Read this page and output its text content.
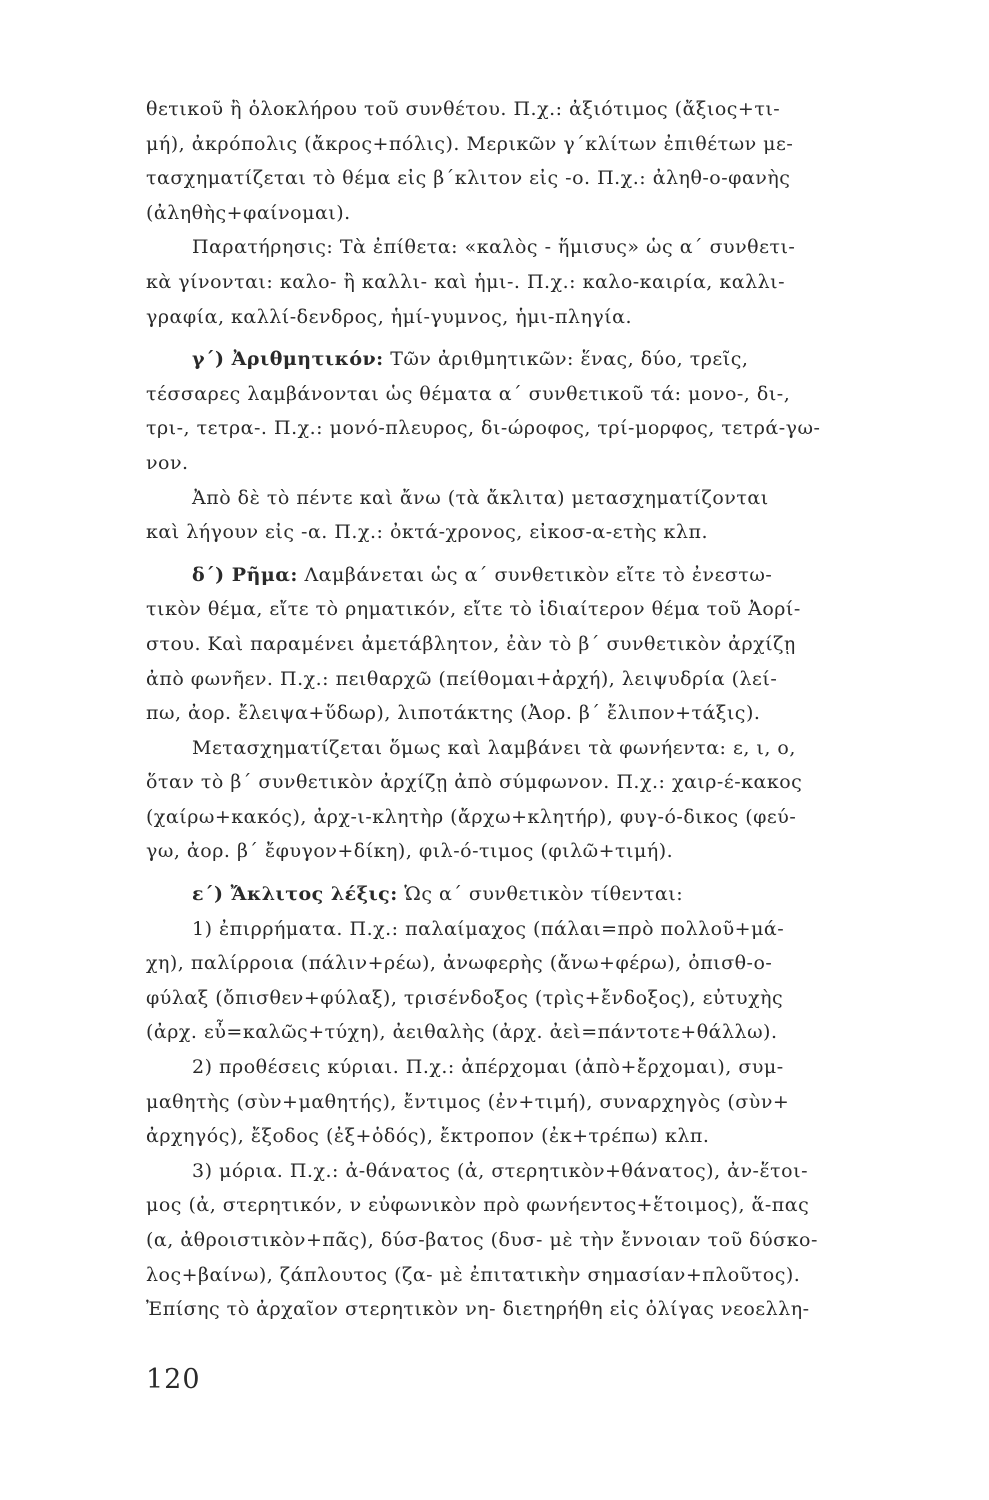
θετικοῦ ἢ ὁλοκλήρου τοῦ συνθέτου. Π.χ.: ἀξιότιμος (ἄξιος+τι-
μή), ἀκρόπολις (ἄκρος+πόλις). Μερικῶν γ΄κλίτων ἐπιθέτων με-
τασχηματίζεται τὸ θέμα εἰς β΄κλιτον εἰς -ο. Π.χ.: ἀληθ-ο-φανὴς
(ἀληθὴς+φαίνομαι).
Παρατήρησις: Τὰ ἐπίθετα: «καλὸς - ἥμισυς» ὡς α΄ συνθετι-
κὰ γίνονται: καλο- ἢ καλλι- καὶ ἡμι-. Π.χ.: καλο-καιρία, καλλι-
γραφία, καλλί-δενδρος, ἡμί-γυμνος, ἡμι-πληγία.
γ΄) Ἀριθμητικόν: Τῶν ἀριθμητικῶν: ἕνας, δύο, τρεῖς,
τέσσαρες λαμβάνονται ὡς θέματα α΄ συνθετικοῦ τά: μονο-, δι-,
τρι-, τετρα-. Π.χ.: μονό-πλευρος, δι-ώροφος, τρί-μορφος, τετρά-γω-
νον.
Ἀπὸ δὲ τὸ πέντε καὶ ἄνω (τὰ ἄκλιτα) μετασχηματίζονται
καὶ λήγουν εἰς -α. Π.χ.: ὀκτά-χρονος, εἰκοσ-α-ετὴς κλπ.
δ΄) Ρῆμα: Λαμβάνεται ὡς α΄ συνθετικὸν εἴτε τὸ ἐνεστω-
τικὸν θέμα, εἴτε τὸ ρηματικόν, εἴτε τὸ ἰδιαίτερον θέμα τοῦ Ἀορί-
στου. Καὶ παραμένει ἀμετάβλητον, ἐὰν τὸ β΄ συνθετικὸν ἀρχίζῃ
ἀπὸ φωνῆεν. Π.χ.: πειθαρχῶ (πείθομαι+ἀρχή), λειψυδρία (λεί-
πω, ἀορ. ἔλειψα+ὕδωρ), λιποτάκτης (Ἀορ. β΄ ἔλιπον+τάξις).
Μετασχηματίζεται ὅμως καὶ λαμβάνει τὰ φωνήεντα: ε, ι, ο,
ὅταν τὸ β΄ συνθετικὸν ἀρχίζῃ ἀπὸ σύμφωνον. Π.χ.: χαιρ-έ-κακος
(χαίρω+κακός), ἀρχ-ι-κλητὴρ (ἄρχω+κλητήρ), φυγ-ό-δικος (φεύ-
γω, ἀορ. β΄ ἔφυγον+δίκη), φιλ-ό-τιμος (φιλῶ+τιμή).
ε΄) Ἄκλιτος λέξις: Ὡς α΄ συνθετικὸν τίθενται:
1) ἐπιρρήματα. Π.χ.: παλαίμαχος (πάλαι=πρὸ πολλοῦ+μά-
χη), παλίρροια (πάλιν+ρέω), ἀνωφερὴς (ἄνω+φέρω), ὀπισθ-ο-
φύλαξ (ὄπισθεν+φύλαξ), τρισένδοξος (τρὶς+ἔνδοξος), εὐτυχὴς
(ἀρχ. εὖ=καλῶς+τύχη), ἀειθαλὴς (ἀρχ. ἀεὶ=πάντοτε+θάλλω).
2) προθέσεις κύριαι. Π.χ.: ἀπέρχομαι (ἀπὸ+ἔρχομαι), συμ-
μαθητὴς (σὺν+μαθητής), ἔντιμος (ἐν+τιμή), συναρχηγὸς (σὺν+
ἀρχηγός), ἔξοδος (ἐξ+ὁδός), ἔκτροπον (ἐκ+τρέπω) κλπ.
3) μόρια. Π.χ.: ἀ-θάνατος (ἀ, στερητικὸν+θάνατος), ἀν-ἕτοι-
μος (ἀ, στερητικόν, ν εὐφωνικὸν πρὸ φωνήεντος+ἕτοιμος), ἅ-πας
(α, ἀθροιστικὸν+πᾶς), δύσ-βατος (δυσ- μὲ τὴν ἔννοιαν τοῦ δύσκο-
λος+βαίνω), ζάπλουτος (ζα- μὲ ἐπιτατικὴν σημασίαν+πλοῦτος).
Ἐπίσης τὸ ἀρχαῖον στερητικὸν νη- διετηρήθη εἰς ὀλίγας νεοελλη-
120
